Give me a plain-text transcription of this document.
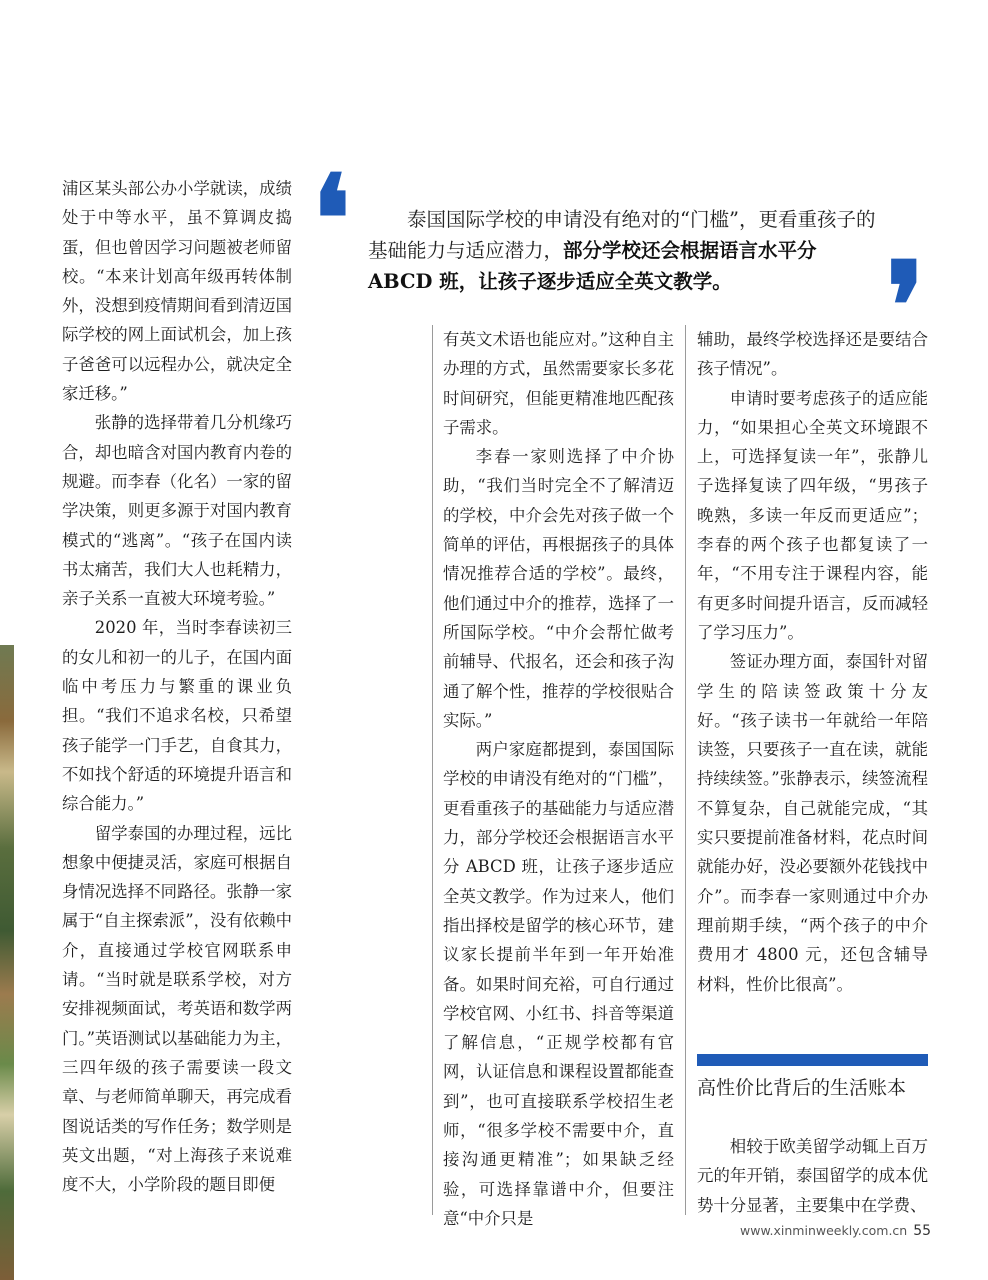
浦区某头部公办小学就读，成绩处于中等水平，虽不算调皮捣蛋，但也曾因学习问题被老师留校。“本来计划高年级再转体制外，没想到疫情期间看到清迈国际学校的网上面试机会，加上孩子爸爸可以远程办公，就决定全家迁移。”

张静的选择带着几分机缘巧合，却也暗含对国内教育内卷的规避。而李春（化名）一家的留学决策，则更多源于对国内教育模式的“逃离”。“孩子在国内读书太痛苦，我们大人也耗精力，亲子关系一直被大环境考验。”

2020 年，当时李春读初三的女儿和初一的儿子，在国内面临中考压力与繁重的课业负担。“我们不追求名校，只希望孩子能学一门手艺，自食其力，不如找个舒适的环境提升语言和综合能力。”

留学泰国的办理过程，远比想象中便捷灵活，家庭可根据自身情况选择不同路径。张静一家属于“自主探索派”，没有依赖中介，直接通过学校官网联系申请。“当时就是联系学校，对方安排视频面试，考英语和数学两门。”英语测试以基础能力为主，三四年级的孩子需要读一段文章、与老师简单聊天，再完成看图说话类的写作任务；数学则是英文出题，“对上海孩子来说难度不大，小学阶段的题目即便

❛	泰国国际学校的申请没有绝对的“门槛”，更看重孩子的基础能力与适应潜力，部分学校还会根据语言水平分 ABCD 班，让孩子逐步适应全英文教学。	❜

有英文术语也能应对。”这种自主办理的方式，虽然需要家长多花时间研究，但能更精准地匹配孩子需求。

李春一家则选择了中介协助，“我们当时完全不了解清迈的学校，中介会先对孩子做一个简单的评估，再根据孩子的具体情况推荐合适的学校”。最终，他们通过中介的推荐，选择了一所国际学校。“中介会帮忙做考前辅导、代报名，还会和孩子沟通了解个性，推荐的学校很贴合实际。”

两户家庭都提到，泰国国际学校的申请没有绝对的“门槛”，更看重孩子的基础能力与适应潜力，部分学校还会根据语言水平分 ABCD 班，让孩子逐步适应全英文教学。作为过来人，他们指出择校是留学的核心环节，建议家长提前半年到一年开始准备。如果时间充裕，可自行通过学校官网、小红书、抖音等渠道了解信息，“正规学校都有官网，认证信息和课程设置都能查到”，也可直接联系学校招生老师，“很多学校不需要中介，直接沟通更精准”；如果缺乏经验，可选择靠谱中介，但要注意“中介只是

辅助，最终学校选择还是要结合孩子情况”。

申请时要考虑孩子的适应能力，“如果担心全英文环境跟不上，可选择复读一年”，张静儿子选择复读了四年级，“男孩子晚熟，多读一年反而更适应”；李春的两个孩子也都复读了一年，“不用专注于课程内容，能有更多时间提升语言，反而减轻了学习压力”。

签证办理方面，泰国针对留学生的陪读签政策十分友好。“孩子读书一年就给一年陪读签，只要孩子一直在读，就能持续续签。”张静表示，续签流程不算复杂，自己就能完成，“其实只要提前准备材料，花点时间就能办好，没必要额外花钱找中介”。而李春一家则通过中介办理前期手续，“两个孩子的中介费用才 4800 元，还包含辅导材料，性价比很高”。

高性价比背后的生活账本

相较于欧美留学动辄上百万元的年开销，泰国留学的成本优势十分显著，主要集中在学费、

www.xinminweekly.com.cn 55
